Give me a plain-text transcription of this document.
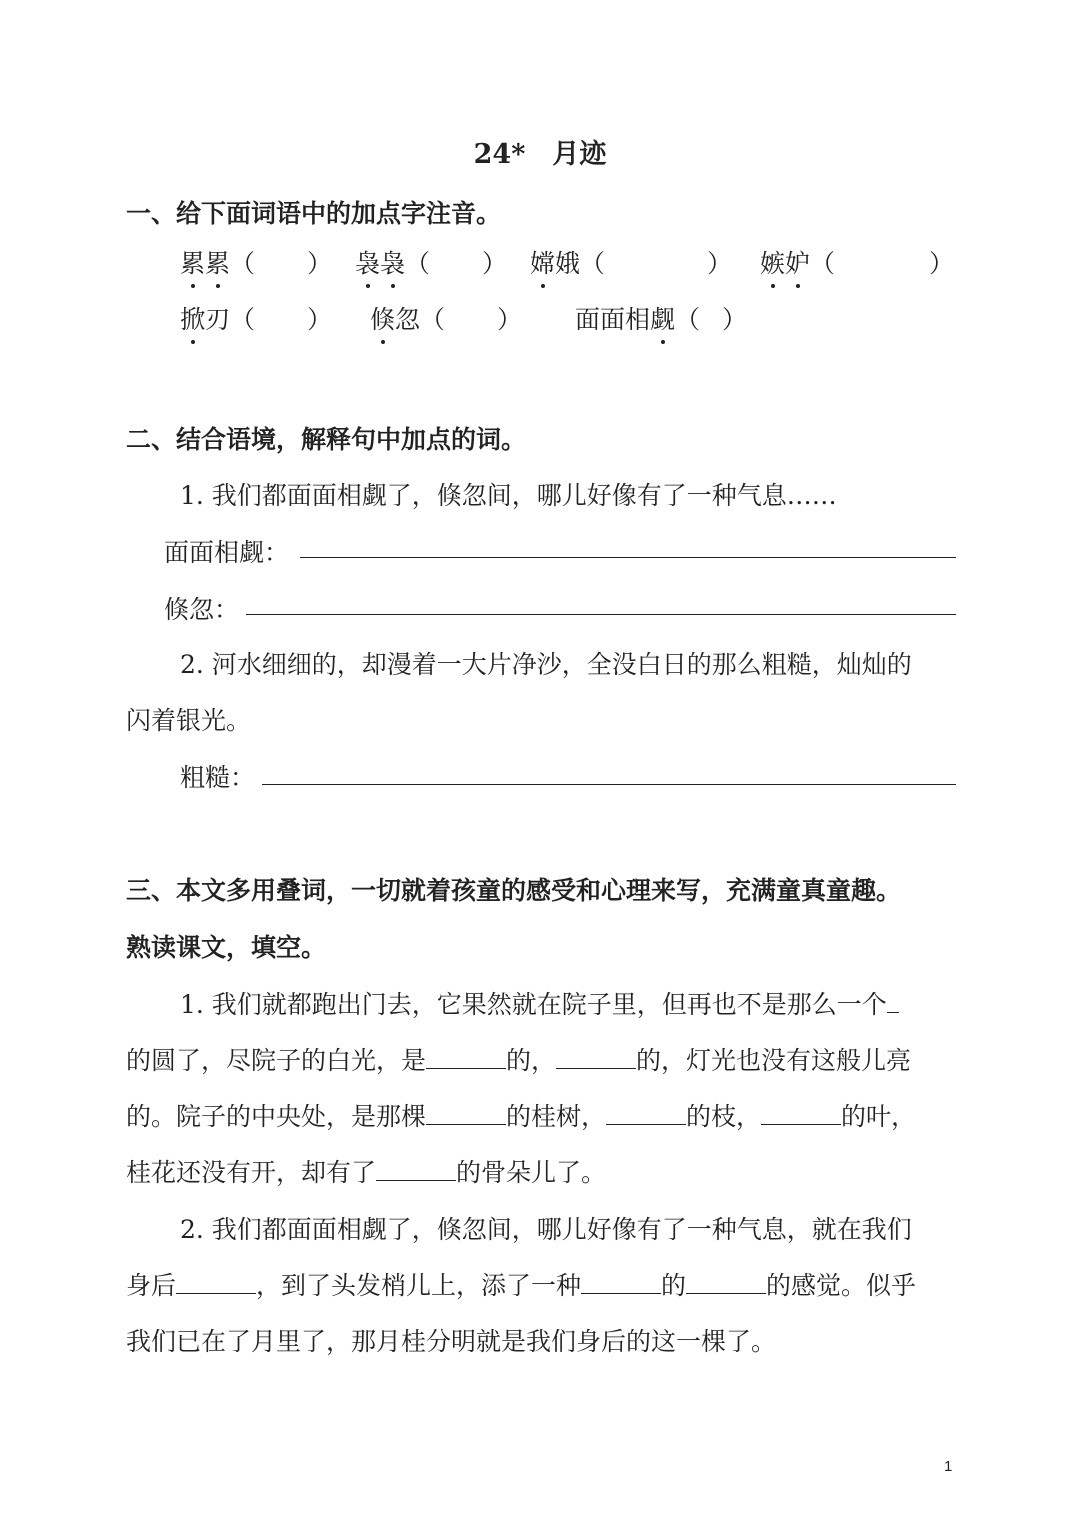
24*　月迹
一、给下面词语中的加点字注音。
累累（ ） 袅袅（ ） 嫦娥（	） 嫉妒（	）
掀刃（ ） 倏忽（ ） 面面相觑（ ）
二、结合语境，解释句中加点的词。
1. 我们都面面相觑了，倏忽间，哪儿好像有了一种气息……
面面相觑：
倏忽：
2. 河水细细的，却漫着一大片净沙，全没白日的那么粗糙，灿灿的
闪着银光。
粗糙：
三、本文多用叠词，一切就着孩童的感受和心理来写，充满童真童趣。
熟读课文，填空。
1. 我们就都跑出门去，它果然就在院子里，但再也不是那么一个
的圆了，尽院子的白光，是	的，	的，灯光也没有这般儿亮
的。院子的中央处，是那棵	的桂树，	的枝，	的叶，
桂花还没有开，却有了	的骨朵儿了。
2. 我们都面面相觑了，倏忽间，哪儿好像有了一种气息，就在我们
身后	，到了头发梢儿上，添了一种	的	的感觉。似乎
我们已在了月里了，那月桂分明就是我们身后的这一棵了。
1
